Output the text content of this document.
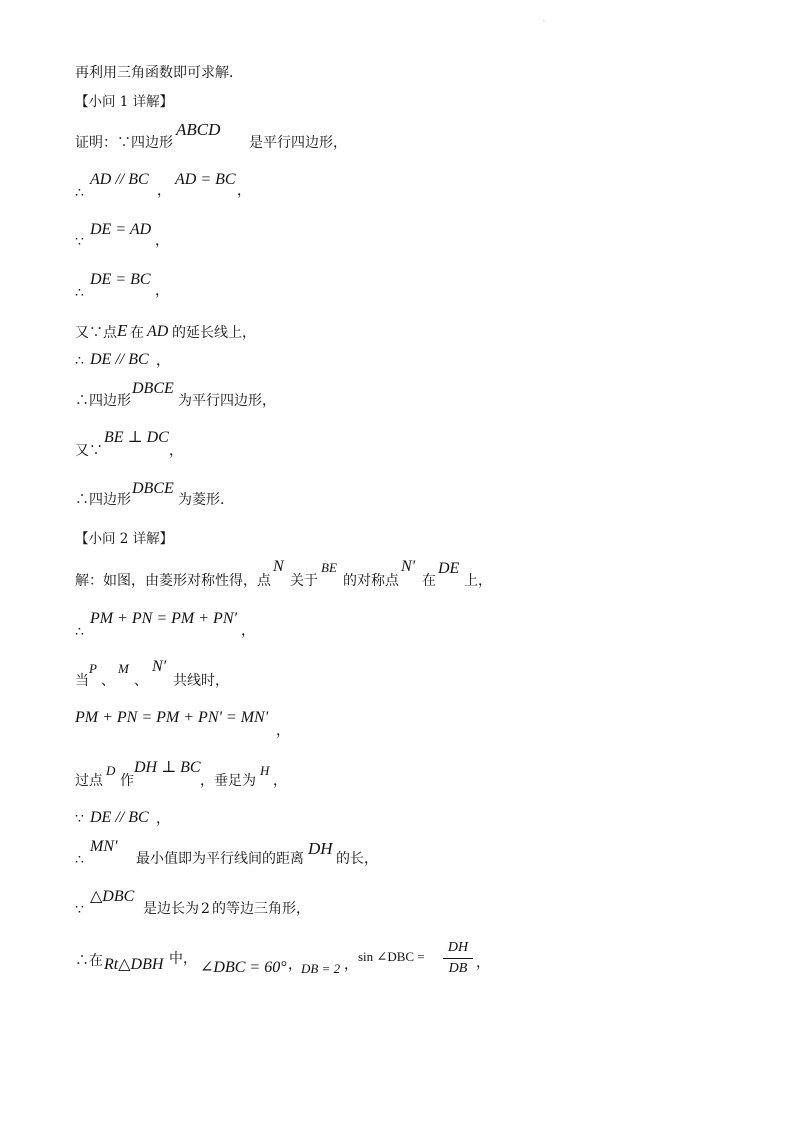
·
再利用三角函数即可求解．
【小问 1 详解】
证明：∵四边形
ABCD
是平行四边形，
∴
AD // BC
，
AD = BC
，
∵
DE = AD
，
∴
DE = BC
，
又∵点 E 在 AD 的延长线上，
∴ DE // BC ，
∴四边形
DBCE
为平行四边形，
又∵
BE ⊥ DC
，
∴四边形
DBCE
为菱形．
【小问 2 详解】
解：如图，由菱形对称性得，点
N
关于
BE
的对称点
N'
在
DE
上，
∴
PM + PN = PM + PN'
，
当
P
、
M
、
N'
共线时，
PM + PN = PM + PN' = MN'
，
过点
D
作
DH ⊥ BC
，垂足为
H
，
∵ DE // BC ，
∴
MN'
最小值即为平行线间的距离
DH
的长，
∵
△DBC
是边长为 2 的等边三角形，
∴在 Rt△DBH 中， ∠DBC = 60° ， DB = 2 ，
sin ∠DBC = $\frac{DH}{DB}$ ，
